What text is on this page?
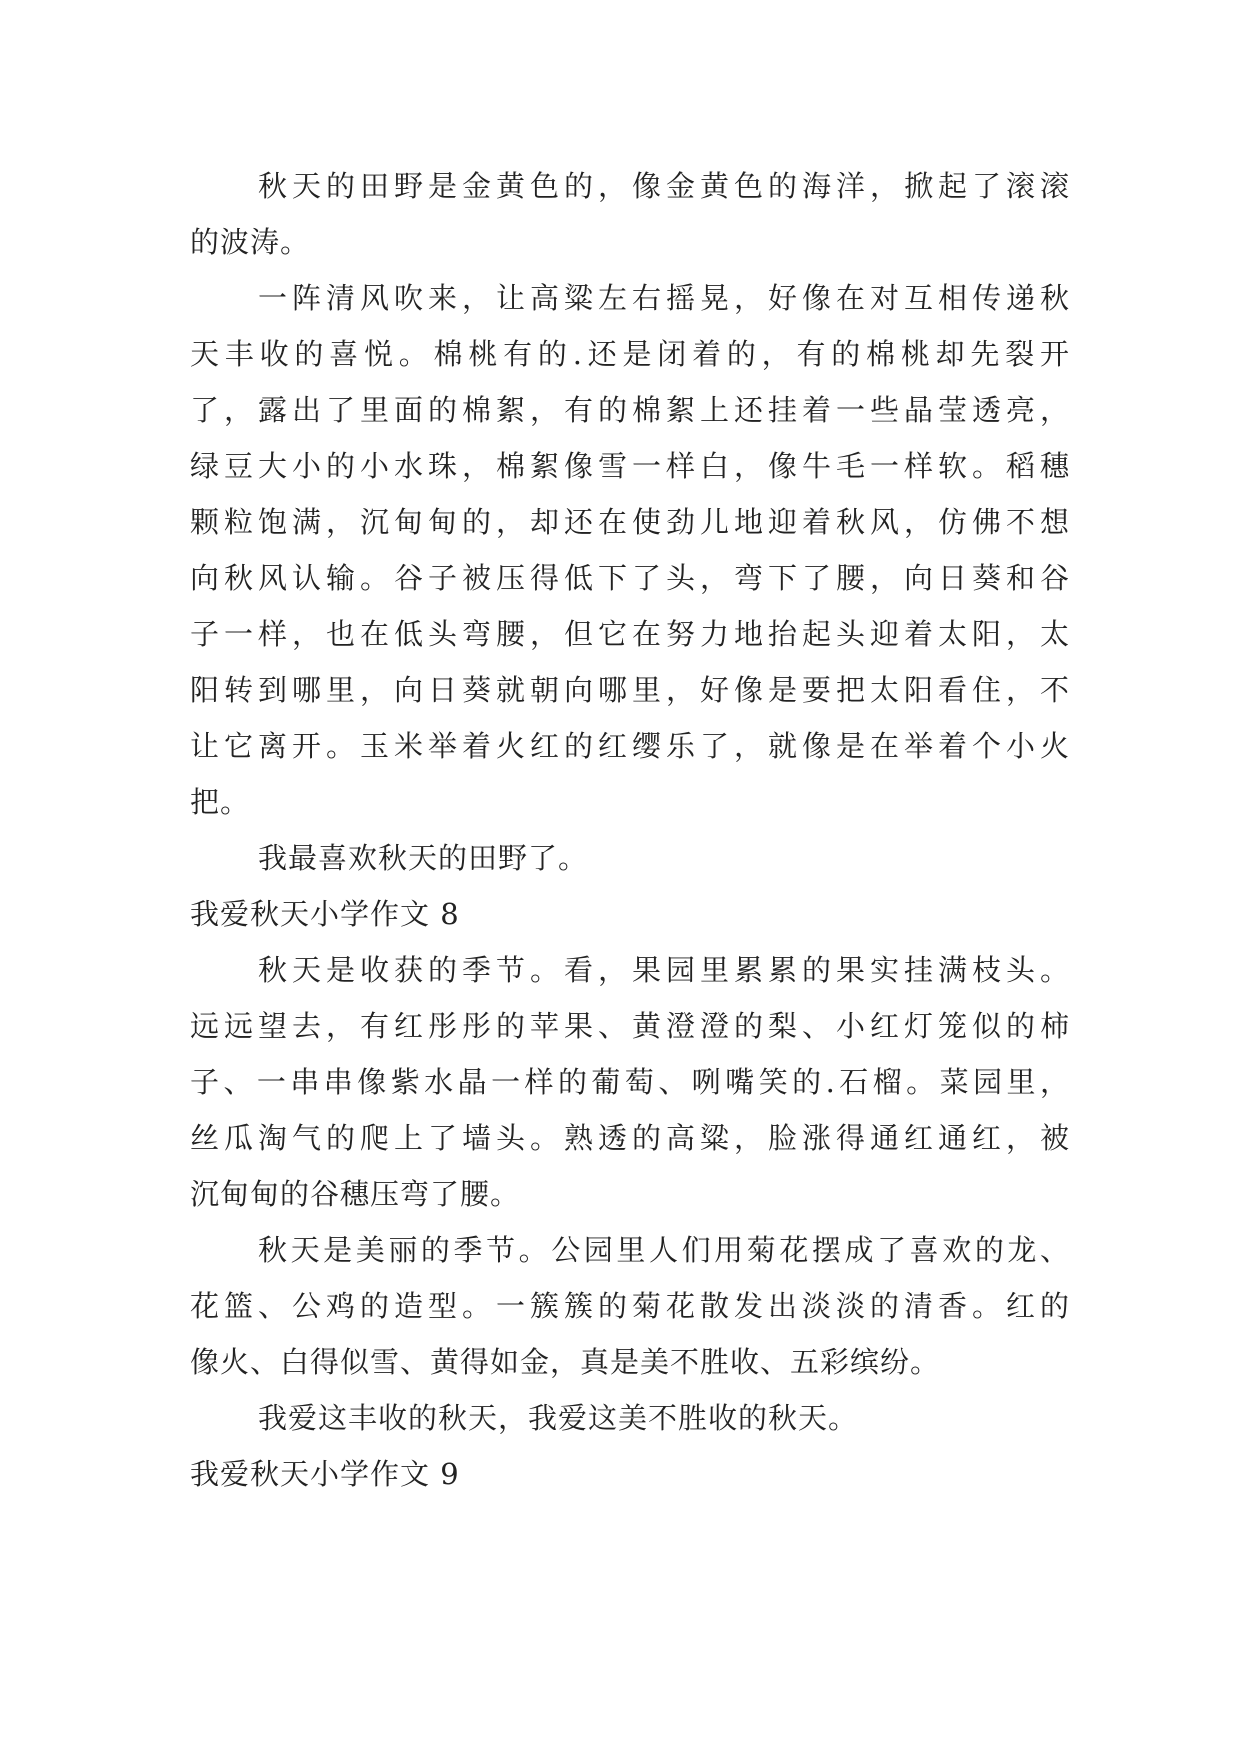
秋天的田野是金黄色的，像金黄色的海洋，掀起了滚滚
的波涛。
一阵清风吹来，让高粱左右摇晃，好像在对互相传递秋
天丰收的喜悦。棉桃有的.还是闭着的，有的棉桃却先裂开
了，露出了里面的棉絮，有的棉絮上还挂着一些晶莹透亮，
绿豆大小的小水珠，棉絮像雪一样白，像牛毛一样软。稻穗
颗粒饱满，沉甸甸的，却还在使劲儿地迎着秋风，仿佛不想
向秋风认输。谷子被压得低下了头，弯下了腰，向日葵和谷
子一样，也在低头弯腰，但它在努力地抬起头迎着太阳，太
阳转到哪里，向日葵就朝向哪里，好像是要把太阳看住，不
让它离开。玉米举着火红的红缨乐了，就像是在举着个小火
把。
我最喜欢秋天的田野了。
我爱秋天小学作文 8
秋天是收获的季节。看，果园里累累的果实挂满枝头。
远远望去，有红彤彤的苹果、黄澄澄的梨、小红灯笼似的柿
子、一串串像紫水晶一样的葡萄、咧嘴笑的.石榴。菜园里，
丝瓜淘气的爬上了墙头。熟透的高粱，脸涨得通红通红，被
沉甸甸的谷穗压弯了腰。
秋天是美丽的季节。公园里人们用菊花摆成了喜欢的龙、
花篮、公鸡的造型。一簇簇的菊花散发出淡淡的清香。红的
像火、白得似雪、黄得如金，真是美不胜收、五彩缤纷。
我爱这丰收的秋天，我爱这美不胜收的秋天。
我爱秋天小学作文 9
